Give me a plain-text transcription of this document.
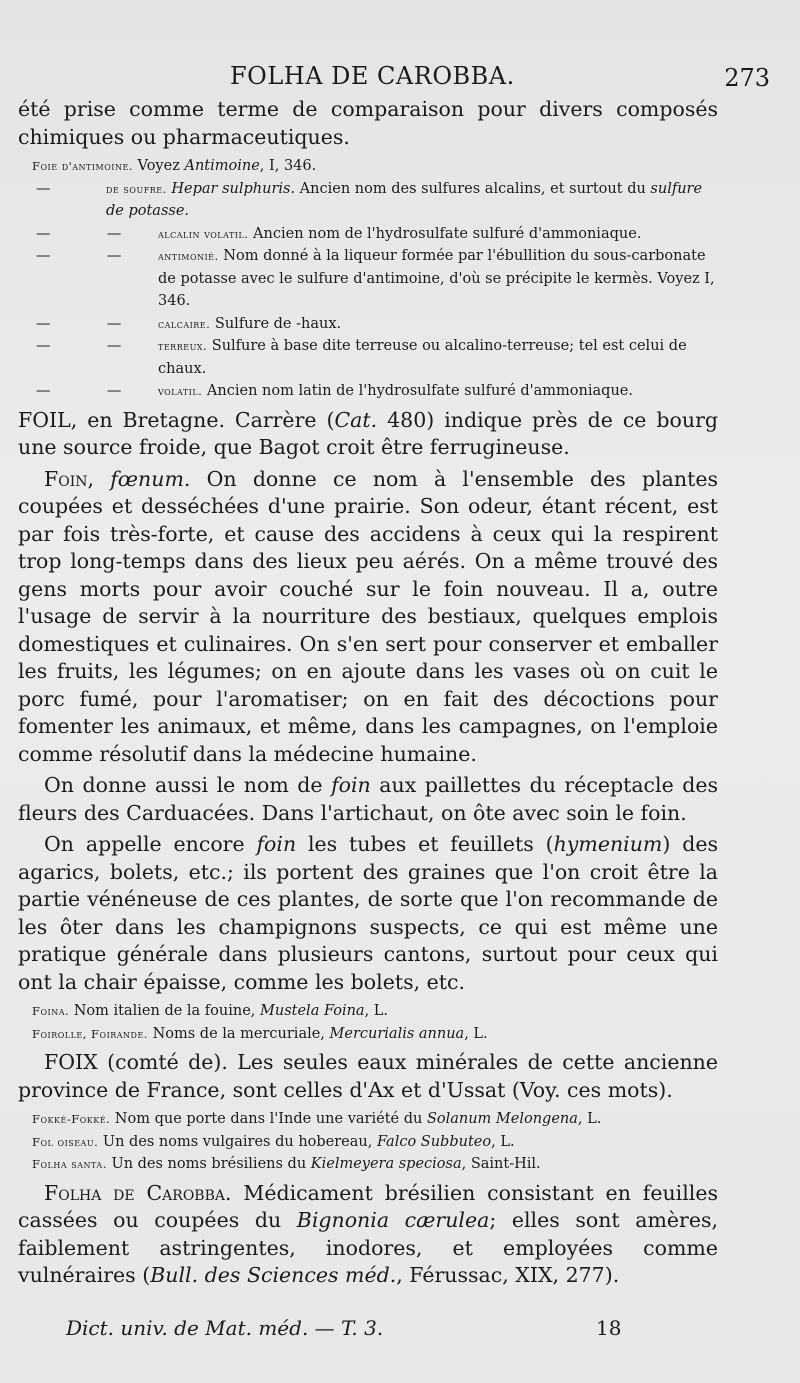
FOLHA DE CAROBBA.	273

été prise comme terme de comparaison pour divers composés chimiques ou pharmaceutiques.

Foie d'antimoine. Voyez Antimoine, I, 346.

—	de soufre. Hepar sulphuris. Ancien nom des sulfures alcalins, et surtout du sulfure de potasse.
—	—	alcalin volatil. Ancien nom de l'hydrosulfate sulfuré d'ammoniaque.
—	—	antimonié. Nom donné à la liqueur formée par l'ébullition du sous-carbonate de potasse avec le sulfure d'antimoine, d'où se précipite le kermès. Voyez I, 346.
—	—	calcaire. Sulfure de -haux.
—	—	terreux. Sulfure à base dite terreuse ou alcalino-terreuse; tel est celui de chaux.
—	—	volatil. Ancien nom latin de l'hydrosulfate sulfuré d'ammoniaque.

FOIL, en Bretagne. Carrère (Cat. 480) indique près de ce bourg une source froide, que Bagot croit être ferrugineuse.

Foin, fœnum. On donne ce nom à l'ensemble des plantes coupées et desséchées d'une prairie. Son odeur, étant récent, est par fois très-forte, et cause des accidens à ceux qui la respirent trop long-temps dans des lieux peu aérés. On a même trouvé des gens morts pour avoir couché sur le foin nouveau. Il a, outre l'usage de servir à la nourriture des bestiaux, quelques emplois domestiques et culinaires. On s'en sert pour conserver et emballer les fruits, les légumes; on en ajoute dans les vases où on cuit le porc fumé, pour l'aromatiser; on en fait des décoctions pour fomenter les animaux, et même, dans les campagnes, on l'emploie comme résolutif dans la médecine humaine.

On donne aussi le nom de foin aux paillettes du réceptacle des fleurs des Carduacées. Dans l'artichaut, on ôte avec soin le foin.

On appelle encore foin les tubes et feuillets (hymenium) des agarics, bolets, etc.; ils portent des graines que l'on croit être la partie vénéneuse de ces plantes, de sorte que l'on recommande de les ôter dans les champignons suspects, ce qui est même une pratique générale dans plusieurs cantons, surtout pour ceux qui ont la chair épaisse, comme les bolets, etc.

Foina. Nom italien de la fouine, Mustela Foina, L.

Foirolle, Foirande. Noms de la mercuriale, Mercurialis annua, L.

FOIX (comté de). Les seules eaux minérales de cette ancienne province de France, sont celles d'Ax et d'Ussat (Voy. ces mots).

Fokké-Fokké. Nom que porte dans l'Inde une variété du Solanum Melongena, L.

Fol oiseau. Un des noms vulgaires du hobereau, Falco Subbuteo, L.

Folha santa. Un des noms brésiliens du Kielmeyera speciosa, Saint-Hil.

Folha de Carobba. Médicament brésilien consistant en feuilles cassées ou coupées du Bignonia cærulea; elles sont amères, faiblement astringentes, inodores, et employées comme vulnéraires (Bull. des Sciences méd., Férussac, XIX, 277).

Dict. univ. de Mat. méd. — T. 3.	18
